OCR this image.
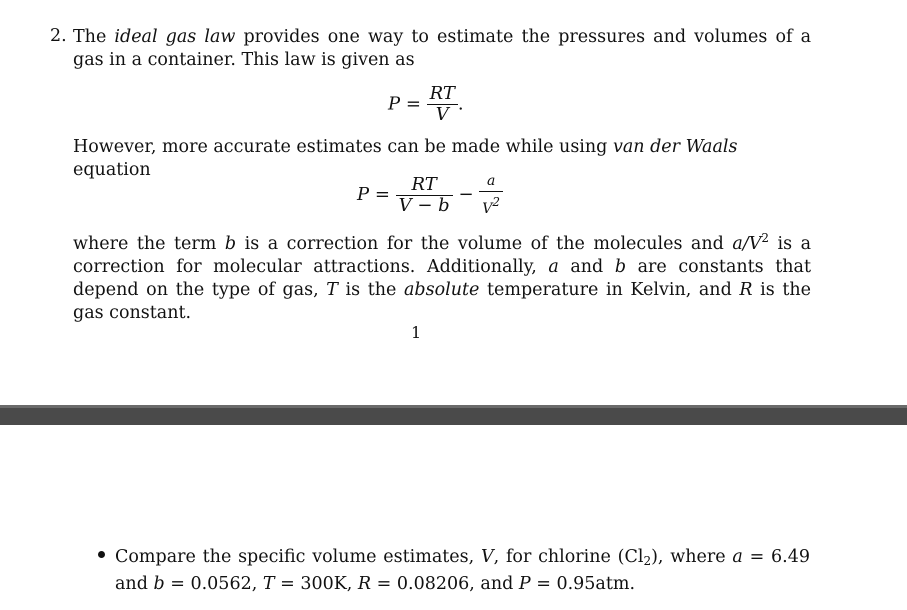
2. The ideal gas law provides one way to estimate the pressures and volumes of a gas in a container. This law is given as
$P = \frac{RT}{V}$ .
However, more accurate estimates can be made while using van der Waals equation
$P = \frac{RT}{V - b} - \frac{a}{V2}$
where the term b is a correction for the volume of the molecules and $a/V^2$ is a correction for molecular attractions. Additionally, a and b are constants that depend on the type of gas, T is the absolute temperature in Kelvin, and R is the gas constant.
1
Compare the specific volume estimates, V, for chlorine $(Cl_2)$, where a = 6.49 and b = 0.0562, T = 300K, R = 0.08206, and P = 0.95atm.
